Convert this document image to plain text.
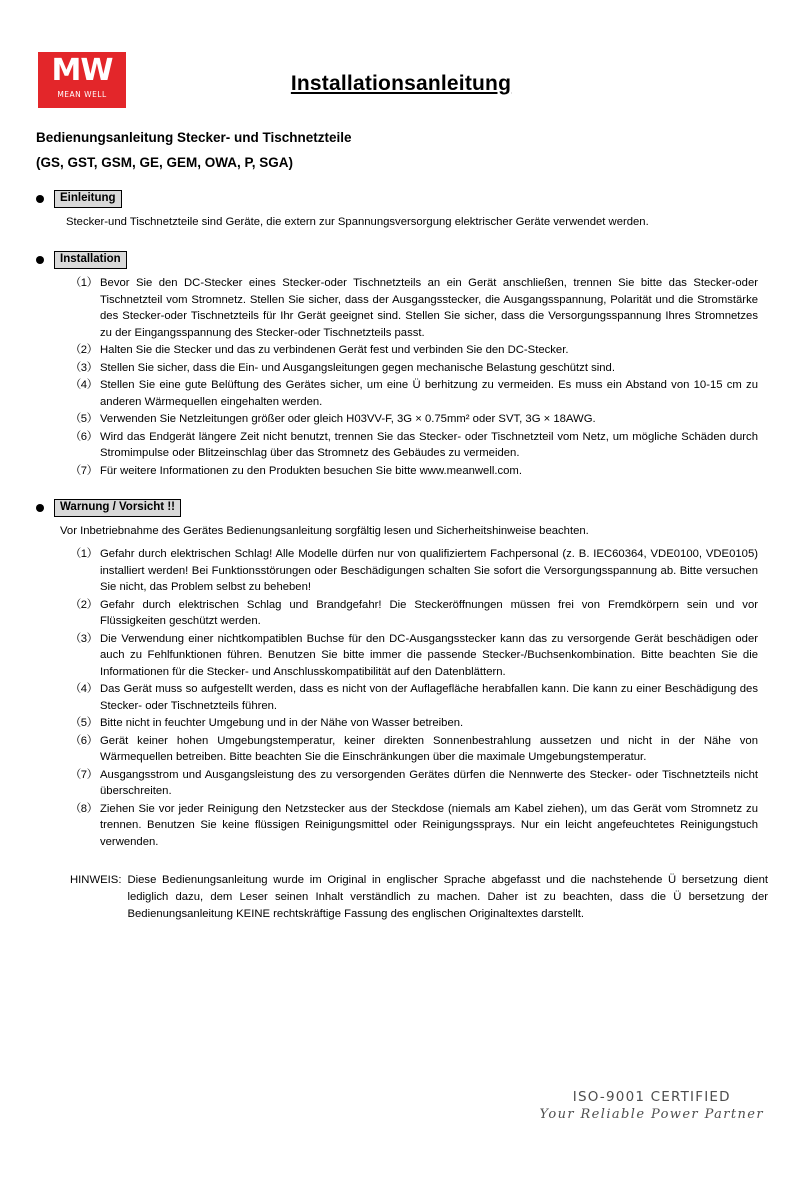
MW
MEAN WELL	Installationsanleitung
Bedienungsanleitung Stecker- und Tischnetzteile
(GS, GST, GSM, GE, GEM, OWA, P, SGA)
Einleitung
Stecker-und Tischnetzteile sind Geräte, die extern zur Spannungsversorgung elektrischer Geräte verwendet werden.
Installation
（1） Bevor Sie den DC-Stecker eines Stecker-oder Tischnetzteils an ein Gerät anschließen, trennen Sie bitte das Stecker-oder Tischnetzteil vom Stromnetz. Stellen Sie sicher, dass der Ausgangsstecker, die Ausgangsspannung, Polarität und die Stromstärke des Stecker-oder Tischnetzteils für Ihr Gerät geeignet sind. Stellen Sie sicher, dass die Versorgungsspannung Ihres Stromnetzes zu der Eingangsspannung des Stecker-oder Tischnetzteils passt.
（2） Halten Sie die Stecker und das zu verbindenen Gerät fest und verbinden Sie den DC-Stecker.
（3） Stellen Sie sicher, dass die Ein- und Ausgangsleitungen gegen mechanische Belastung geschützt sind.
（4） Stellen Sie eine gute Belüftung des Gerätes sicher, um eine Ü berhitzung zu vermeiden. Es muss ein Abstand von 10-15 cm zu anderen Wärmequellen eingehalten werden.
（5） Verwenden Sie Netzleitungen größer oder gleich H03VV-F, 3G × 0.75mm² oder SVT, 3G × 18AWG.
（6） Wird das Endgerät längere Zeit nicht benutzt, trennen Sie das Stecker- oder Tischnetzteil vom Netz, um mögliche Schäden durch Stromimpulse oder Blitzeinschlag über das Stromnetz des Gebäudes zu vermeiden.
（7） Für weitere Informationen zu den Produkten besuchen Sie bitte www.meanwell.com.
Warnung / Vorsicht !!
Vor Inbetriebnahme des Gerätes Bedienungsanleitung sorgfältig lesen und Sicherheitshinweise beachten.
（1） Gefahr durch elektrischen Schlag! Alle Modelle dürfen nur von qualifiziertem Fachpersonal (z. B. IEC60364, VDE0100, VDE0105) installiert werden! Bei Funktionsstörungen oder Beschädigungen schalten Sie sofort die Versorgungsspannung ab. Bitte versuchen Sie nicht, das Problem selbst zu beheben!
（2） Gefahr durch elektrischen Schlag und Brandgefahr! Die Steckeröffnungen müssen frei von Fremdkörpern sein und vor Flüssigkeiten geschützt werden.
（3） Die Verwendung einer nichtkompatiblen Buchse für den DC-Ausgangsstecker kann das zu versorgende Gerät beschädigen oder auch zu Fehlfunktionen führen. Benutzen Sie bitte immer die passende Stecker-/Buchsenkombination. Bitte beachten Sie die Informationen für die Stecker- und Anschlusskompatibilität auf den Datenblättern.
（4） Das Gerät muss so aufgestellt werden, dass es nicht von der Auflagefläche herabfallen kann. Die kann zu einer Beschädigung des Stecker- oder Tischnetzteils führen.
（5） Bitte nicht in feuchter Umgebung und in der Nähe von Wasser betreiben.
（6） Gerät keiner hohen Umgebungstemperatur, keiner direkten Sonnenbestrahlung aussetzen und nicht in der Nähe von Wärmequellen betreiben. Bitte beachten Sie die Einschränkungen über die maximale Umgebungstemperatur.
（7） Ausgangsstrom und Ausgangsleistung des zu versorgenden Gerätes dürfen die Nennwerte des Stecker- oder Tischnetzteils nicht überschreiten.
（8） Ziehen Sie vor jeder Reinigung den Netzstecker aus der Steckdose (niemals am Kabel ziehen), um das Gerät vom Stromnetz zu trennen. Benutzen Sie keine flüssigen Reinigungsmittel oder Reinigungssprays. Nur ein leicht angefeuchtetes Reinigungstuch verwenden.
HINWEIS: Diese Bedienungsanleitung wurde im Original in englischer Sprache abgefasst und die nachstehende Ü bersetzung dient lediglich dazu, dem Leser seinen Inhalt verständlich zu machen. Daher ist zu beachten, dass die Ü bersetzung der Bedienungsanleitung KEINE rechtskräftige Fassung des englischen Originaltextes darstellt.
ISO-9001 CERTIFIED
Your Reliable Power Partner
